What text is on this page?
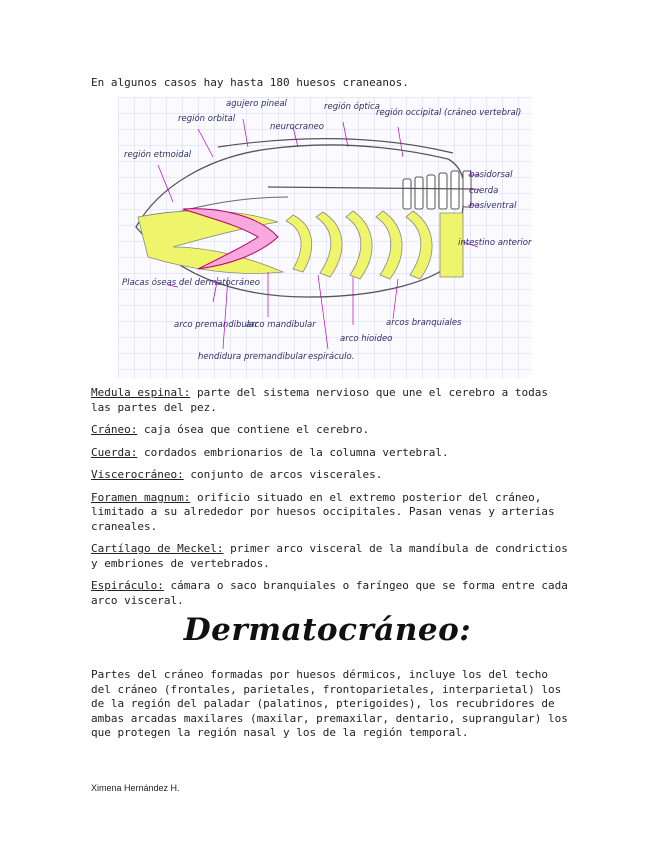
En algunos casos hay hasta 180 huesos craneanos.
agujero pineal
región orbital
neurocraneo
región óptica
región occipital (cráneo vertebral)
región etmoidal
basidorsal
cuerda
basiventral
intestino anterior
Placas óseas del dermatocráneo
arco premandibular
arco mandibular
arco hioideo
arcos branquiales
hendidura premandibular espiráculo.

Medula espinal: parte del sistema nervioso que une el cerebro a todas las partes del pez.

Cráneo: caja ósea que contiene el cerebro.

Cuerda: cordados embrionarios de la columna vertebral.

Viscerocráneo: conjunto de arcos viscerales.

Foramen magnum: orificio situado en el extremo posterior del cráneo, limitado a su alrededor por huesos occipitales. Pasan venas y arterias craneales.

Cartílago de Meckel: primer arco visceral de la mandíbula de condrictios y embriones de vertebrados.

Espiráculo: cámara o saco branquiales o faríngeo que se forma entre cada arco visceral.

Dermatocráneo:
Partes del cráneo formadas por huesos dérmicos, incluye los del techo del cráneo (frontales, parietales, frontoparietales, interparietal) los de la región del paladar (palatinos, pterigoides), los recubridores de ambas arcadas maxilares (maxilar, premaxilar, dentario, suprangular) los que protegen la región nasal y los de la región temporal.
Ximena Hernández H.
